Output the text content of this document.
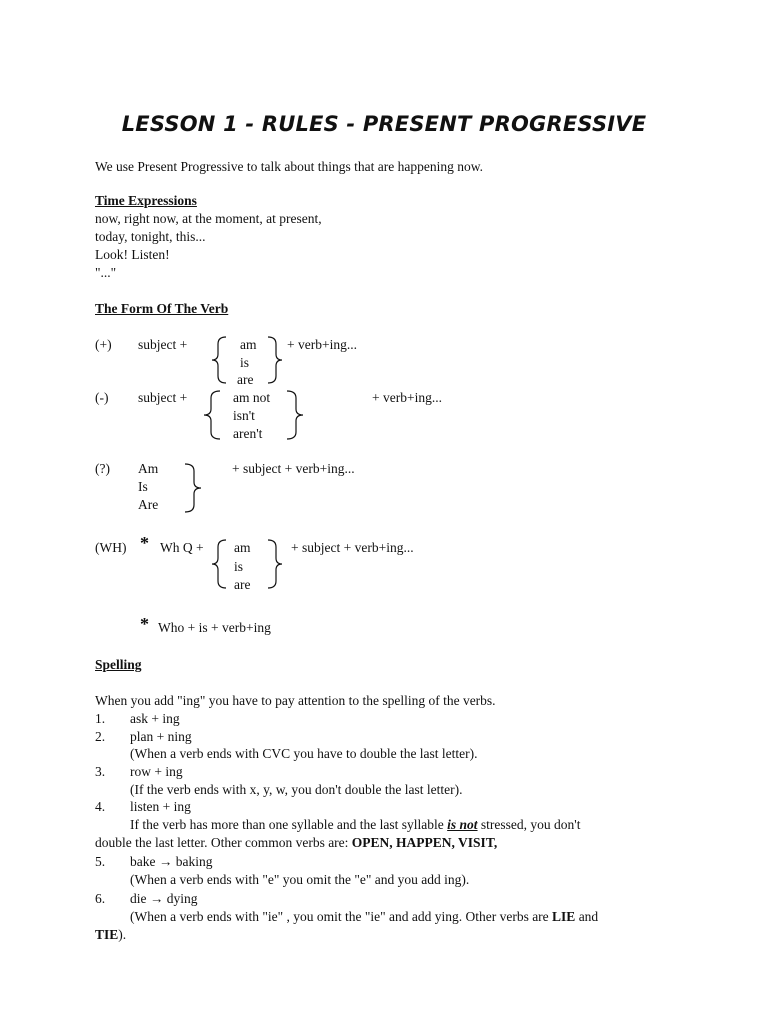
LESSON 1 - RULES - PRESENT PROGRESSIVE
We use Present Progressive to talk about things that are happening now.
Time Expressions
now, right now, at the moment, at present,
today, tonight, this...
Look! Listen!
"..."
The Form Of The Verb
(+) subject +	am
is
are
+ verb+ing...
(-) subject +	am not
isn't
aren't
+ verb+ing...
(?) Am
Is
Are
+ subject + verb+ing...
(WH) * Wh Q + am
is
are
+ subject + verb+ing...
* Who + is + verb+ing
Spelling
When you add "ing" you have to pay attention to the spelling of the verbs.
1. ask + ing
2. plan + ning
(When a verb ends with CVC you have to double the last letter).
3. row + ing
(If the verb ends with x, y, w, you don't double the last letter).
4. listen + ing
If the verb has more than one syllable and the last syllable is not stressed, you don't
double the last letter. Other common verbs are: OPEN, HAPPEN, VISIT,
5. bake → baking
(When a verb ends with "e" you omit the "e" and you add ing).
6. die → dying
(When a verb ends with "ie" , you omit the "ie" and add ying. Other verbs are LIE and
TIE).
